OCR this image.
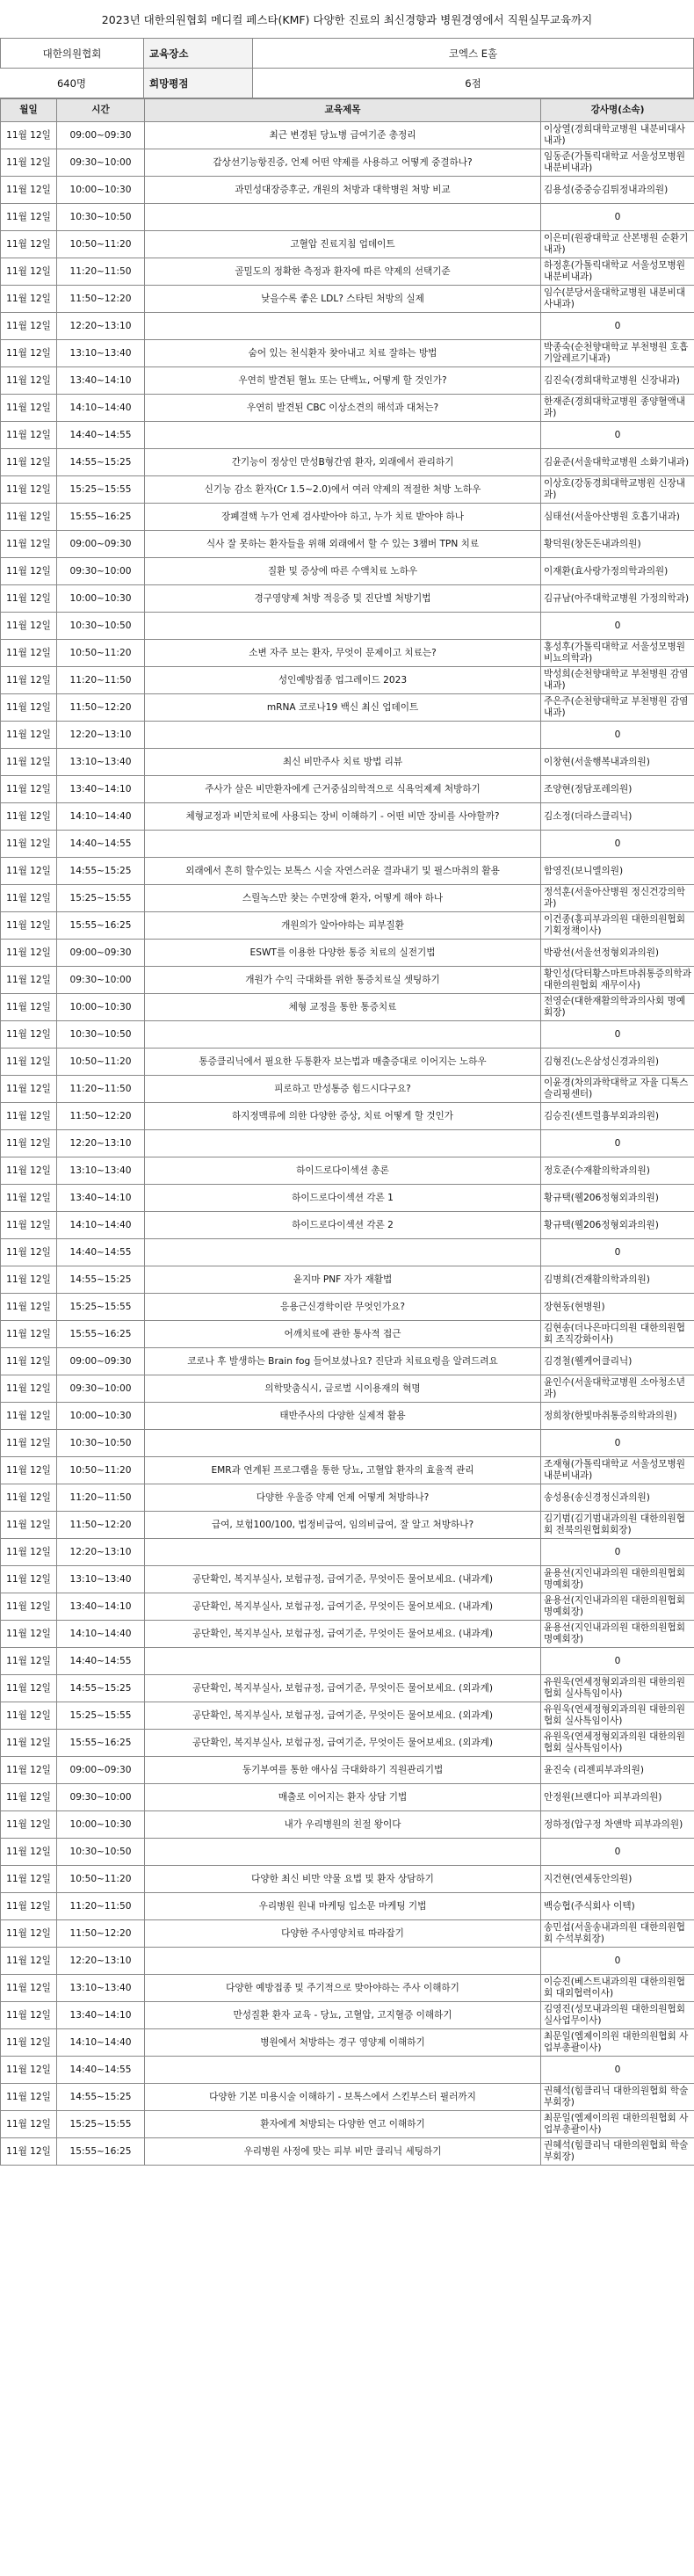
2023년 대한의원협회 메디컬 페스타(KMF) 다양한 진료의 최신경향과 병원경영에서 직원실무교육까지
대한의원협회	교육장소	코엑스 E홀
640명	희망평점	6점
월일	시간	교육제목	강사명(소속)
11월 12일	09:00~09:30	최근 변경된 당뇨병 급여기준 총정리	이상열(경희대학교병원 내분비대사내과)
11월 12일	09:30~10:00	갑상선기능항진증, 언제 어떤 약제를 사용하고 어떻게 중결하나?	임동준(가톨릭대학교 서울성모병원 내분비내과)
11월 12일	10:00~10:30	과민성대장증후군, 개원의 처방과 대학병원 처방 비교	김용성(중중승김튀정내과의원)
11월 12일	10:30~10:50		0
11월 12일	10:50~11:20	고혈압 진료지침 업데이트	이은미(원광대학교 산본병원 순환기내과)
11월 12일	11:20~11:50	골밀도의 정확한 측정과 환자에 따른 약제의 선택기준	하정훈(가톨릭대학교 서울성모병원 내분비내과)
11월 12일	11:50~12:20	낮을수록 좋은 LDL? 스타틴 처방의 실제	임수(분당서울대학교병원 내분비대사내과)
11월 12일	12:20~13:10		0
11월 12일	13:10~13:40	숨어 있는 천식환자 찾아내고 치료 잘하는 방법	박종숙(순천향대학교 부천병원 호흡기알레르기내과)
11월 12일	13:40~14:10	우연히 발견된 혈뇨 또는 단백뇨, 어떻게 할 것인가?	김진숙(경희대학교병원 신장내과)
11월 12일	14:10~14:40	우연히 발견된 CBC 이상소견의 해석과 대처는?	한재준(경희대학교병원 종양혈액내과)
11월 12일	14:40~14:55		0
11월 12일	14:55~15:25	간기능이 정상인 만성B형간염 환자, 외래에서 관리하기	김윤준(서울대학교병원 소화기내과)
11월 12일	15:25~15:55	신기능 감소 환자(Cr 1.5~2.0)에서 여러 약제의 적절한 처방 노하우	이상호(강동경희대학교병원 신장내과)
11월 12일	15:55~16:25	장폐결핵 누가 언제 검사받아야 하고, 누가 치료 받아야 하나	심태선(서울아산병원 호흡기내과)
11월 12일	09:00~09:30	식사 잘 못하는 환자들을 위해 외래에서 할 수 있는 3챔버 TPN 치료	황덕원(창돈돈내과의원)
11월 12일	09:30~10:00	질환 및 증상에 따른 수액치료 노하우	이재환(효사랑가정의학과의원)
11월 12일	10:00~10:30	경구영양제 처방 적응증 및 진단별 처방기법	김규남(아주대학교병원 가정의학과)
11월 12일	10:30~10:50		0
11월 12일	10:50~11:20	소변 자주 보는 환자, 무엇이 문제이고 치료는?	홍성후(가톨릭대학교 서울성모병원 비뇨의학과)
11월 12일	11:20~11:50	성인예방접종 업그레이드 2023	박성희(순천향대학교 부천병원 감염내과)
11월 12일	11:50~12:20	mRNA 코로나19 백신 최신 업데이트	주은주(순천향대학교 부천병원 감염내과)
11월 12일	12:20~13:10		0
11월 12일	13:10~13:40	최신 비만주사 치료 방법 리뷰	이창현(서울행복내과의원)
11월 12일	13:40~14:10	주사가 살은 비만환자에게 근거중심의학적으로 식욕억제제 처방하기	조양현(정담포레의원)
11월 12일	14:10~14:40	체형교정과 비만치료에 사용되는 장비 이해하기 - 어떤 비만 장비를 사야할까?	김소정(더라스클리닉)
11월 12일	14:40~14:55		0
11월 12일	14:55~15:25	외래에서 흔히 할수있는 보톡스 시술 자연스러운 결과내기 및 필스마취의 활용	함영진(보니엘의원)
11월 12일	15:25~15:55	스릴녹스만 찾는 수면장애 환자, 어떻게 해야 하나	정석훈(서울아산병원 정신건강의학과)
11월 12일	15:55~16:25	개원의가 알아야하는 피부질환	이건종(홍피부과의원 대한의원협회 기획정책이사)
11월 12일	09:00~09:30	ESWT를 이용한 다양한 통증 치료의 실전기법	박광선(서울선정형외과의원)
11월 12일	09:30~10:00	개원가 수익 극대화를 위한 통증치료실 셋팅하기	황인성(닥터황스마트마취통증의학과 대한의원협회 재무이사)
11월 12일	10:00~10:30	체형 교정을 통한 통증치료	전영순(대한재활의학과의사회 명예회장)
11월 12일	10:30~10:50		0
11월 12일	10:50~11:20	통증클리닉에서 필요한 두통환자 보는법과 매출증대로 이어지는 노하우	김형진(노은삼성신경과의원)
11월 12일	11:20~11:50	피로하고 만성통증 힘드시다구요?	이윤경(차의과학대학교 자율 디톡스 슬리핑센터)
11월 12일	11:50~12:20	하지정맥류에 의한 다양한 증상, 치료 어떻게 할 것인가	김승진(센트럴흉부외과의원)
11월 12일	12:20~13:10		0
11월 12일	13:10~13:40	하이드로다이섹션 총론	정호준(수재활의학과의원)
11월 12일	13:40~14:10	하이드로다이섹션 각론 1	황규택(웰206정형외과의원)
11월 12일	14:10~14:40	하이드로다이섹션 각론 2	황규택(웰206정형외과의원)
11월 12일	14:40~14:55		0
11월 12일	14:55~15:25	윤지마 PNF 자가 재활법	김병희(건재활의학과의원)
11월 12일	15:25~15:55	응용근신경학이란 무엇인가요?	장현동(현병원)
11월 12일	15:55~16:25	어깨치료에 관한 통사적 접근	김현송(더나은마디의원 대한의원협회 조직강화이사)
11월 12일	09:00~09:30	코로나 후 발생하는 Brain fog 들어보셨나요? 진단과 치료요령을 알려드려요	김경철(웰케어클리닉)
11월 12일	09:30~10:00	의학맞춤식시, 글로벌 시이용재의 혁명	윤인수(서울대학교병원 소아청소년과)
11월 12일	10:00~10:30	태반주사의 다양한 실제적 활용	정희창(한빛마취통증의학과의원)
11월 12일	10:30~10:50		0
11월 12일	10:50~11:20	EMR과 연계된 프로그램을 통한 당뇨, 고혈압 환자의 효율적 관리	조재형(가톨릭대학교 서울성모병원 내분비내과)
11월 12일	11:20~11:50	다양한 우울증 약제 언제 어떻게 처방하나?	송성용(송신경정신과의원)
11월 12일	11:50~12:20	급여, 보험100/100, 법정비급여, 임의비급여, 잘 알고 처방하나?	김기범(김기범내과의원 대한의원협회 전북의원협회회장)
11월 12일	12:20~13:10		0
11월 12일	13:10~13:40	공단확인, 복지부실사, 보험규정, 급여기준, 무엇이든 물어보세요. (내과계)	윤용선(지인내과의원 대한의원협회 명예회장)
11월 12일	13:40~14:10	공단확인, 복지부실사, 보험규정, 급여기준, 무엇이든 물어보세요. (내과계)	윤용선(지인내과의원 대한의원협회 명예회장)
11월 12일	14:10~14:40	공단확인, 복지부실사, 보험규정, 급여기준, 무엇이든 물어보세요. (내과계)	윤용선(지인내과의원 대한의원협회 명예회장)
11월 12일	14:40~14:55		0
11월 12일	14:55~15:25	공단확인, 복지부실사, 보험규정, 급여기준, 무엇이든 물어보세요. (외과계)	유원욱(연세정형외과의원 대한의원협회 실사특임이사)
11월 12일	15:25~15:55	공단확인, 복지부실사, 보험규정, 급여기준, 무엇이든 물어보세요. (외과계)	유원욱(연세정형외과의원 대한의원협회 실사특임이사)
11월 12일	15:55~16:25	공단확인, 복지부실사, 보험규정, 급여기준, 무엇이든 물어보세요. (외과계)	유원욱(연세정형외과의원 대한의원협회 실사특임이사)
11월 12일	09:00~09:30	동기부여를 통한 애사심 극대화하기 직원관리기법	윤진숙 (리젠피부과의원)
11월 12일	09:30~10:00	매출로 이어지는 환자 상담 기법	안정원(브랜디아 피부과의원)
11월 12일	10:00~10:30	내가 우리병원의 친절 왕이다	정하정(압구정 차앤박 피부과의원)
11월 12일	10:30~10:50		0
11월 12일	10:50~11:20	다양한 최신 비만 약물 요법 및 환자 상담하기	지건현(연세동안의원)
11월 12일	11:20~11:50	우리병원 원내 마케팅 입소문 마케팅 기법	백승협(주식회사 이텍)
11월 12일	11:50~12:20	다양한 주사영양치료 따라잡기	송민섭(서울송내과의원 대한의원협회 수석부회장)
11월 12일	12:20~13:10		0
11월 12일	13:10~13:40	다양한 예방접종 및 주기적으로 맞아야하는 주사 이해하기	이승진(베스트내과의원 대한의원협회 대외협력이사)
11월 12일	13:40~14:10	만성질환 환자 교육 - 당뇨, 고혈압, 고지혈증 이해하기	김영진(성모내과의원 대한의원협회 실사업무이사)
11월 12일	14:10~14:40	병원에서 처방하는 경구 영양제 이해하기	최문일(엠제이의원 대한의원협회 사업부총괄이사)
11월 12일	14:40~14:55		0
11월 12일	14:55~15:25	다양한 기본 미용시술 이해하기 - 보톡스에서 스킨부스터 필러까지	권혜석(힘클리닉 대한의원협회 학술부회장)
11월 12일	15:25~15:55	환자에게 처방되는 다양한 연고 이해하기	최문일(엠제이의원 대한의원협회 사업부총괄이사)
11월 12일	15:55~16:25	우리병원 사정에 맞는 피부 비만 클리닉 세팅하기	권혜석(힘클리닉 대한의원협회 학술부회장)
